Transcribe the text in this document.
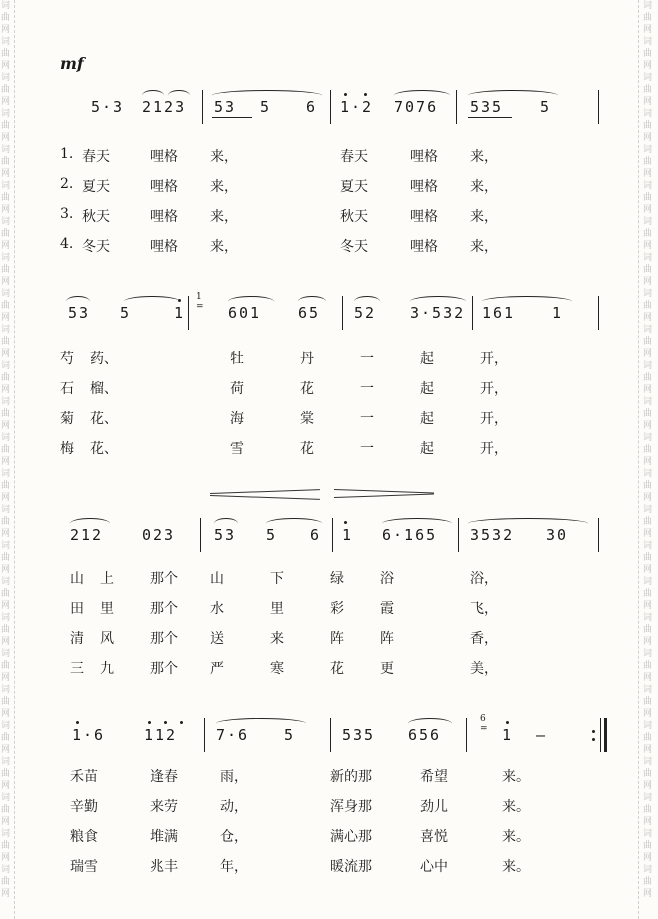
词曲网词曲网词曲网词曲网词曲网词曲网词曲网词曲网词曲网词曲网词曲网词曲网词曲网词曲网词曲网词曲网词曲网词曲网词曲网词曲网词曲网词曲网词曲网词曲网词曲网
词曲网词曲网词曲网词曲网词曲网词曲网词曲网词曲网词曲网词曲网词曲网词曲网词曲网词曲网词曲网词曲网词曲网词曲网词曲网词曲网词曲网词曲网词曲网词曲网词曲网
mf
5·3 2123 53 5 6 1·2 7076 535 5
1. 春天	哩格 来，	春天	哩格 来，
2. 夏天	哩格 来，	夏天	哩格 来，
3. 秋天	哩格 来，	秋天	哩格 来，
4. 冬天	哩格 来，	冬天	哩格 来，
53 5	1
1
= 601 65 52 3·532 161 1
芍 药、	牡	丹	一	起	开，
石 榴、	荷	花	一	起	开，
菊 花、	海	棠	一	起	开，
梅 花、	雪	花	一	起	开，
212	023	53 5 6 1 6·165 3532 30
山 上	那个 山	下	绿	浴	浴，
田 里	那个 水	里	彩	霞	飞，
清 风	那个 送	来	阵	阵	香，
三 九	那个 严	寒	花	更	美，
1·6	112	7·6 5	535 656
6
= 1 —
禾苗	逢春	雨，	新的那	希望	来。
辛勤	来劳	动，	浑身那	劲儿	来。
粮食	堆满	仓，	满心那	喜悦	来。
瑞雪	兆丰	年，	暖流那	心中	来。
